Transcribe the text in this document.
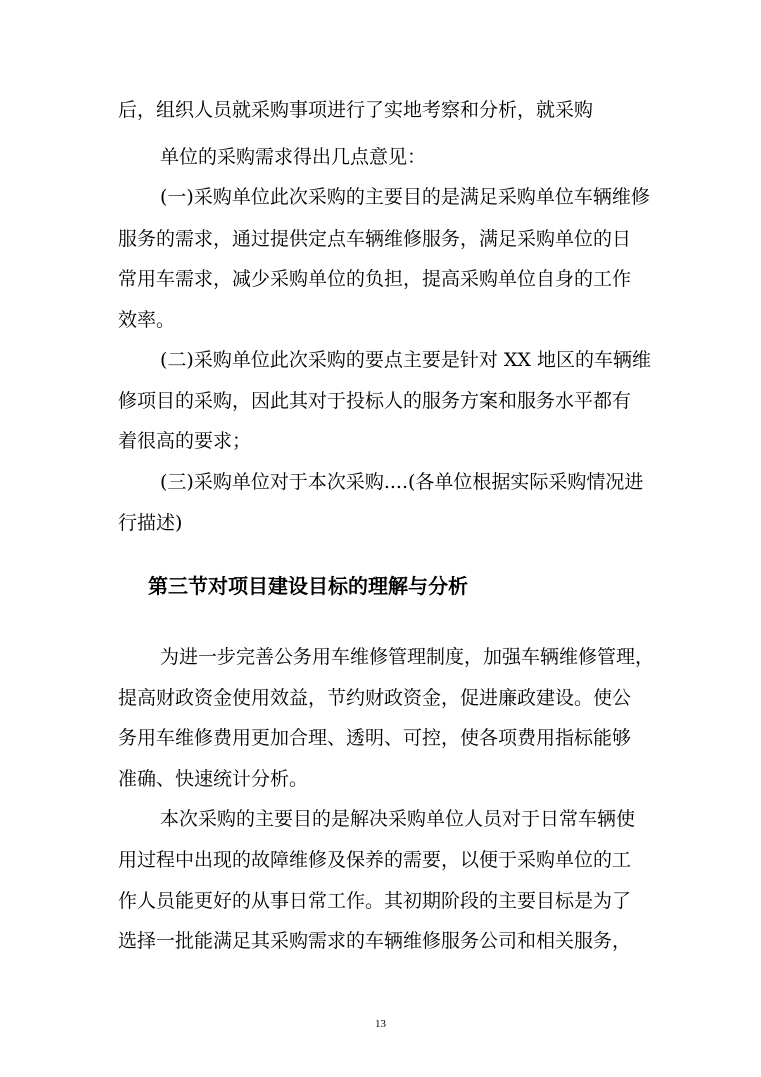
后，组织人员就采购事项进行了实地考察和分析，就采购

单位的采购需求得出几点意见：

(一)采购单位此次采购的主要目的是满足采购单位车辆维修

服务的需求，通过提供定点车辆维修服务，满足采购单位的日

常用车需求，减少采购单位的负担，提高采购单位自身的工作

效率。

(二)采购单位此次采购的要点主要是针对 XX 地区的车辆维

修项目的采购，因此其对于投标人的服务方案和服务水平都有

着很高的要求；

(三)采购单位对于本次采购....(各单位根据实际采购情况进

行描述)

第三节对项目建设目标的理解与分析

为进一步完善公务用车维修管理制度，加强车辆维修管理，

提高财政资金使用效益，节约财政资金，促进廉政建设。使公

务用车维修费用更加合理、透明、可控，使各项费用指标能够

准确、快速统计分析。

本次采购的主要目的是解决采购单位人员对于日常车辆使

用过程中出现的故障维修及保养的需要，以便于采购单位的工

作人员能更好的从事日常工作。其初期阶段的主要目标是为了

选择一批能满足其采购需求的车辆维修服务公司和相关服务，

13
